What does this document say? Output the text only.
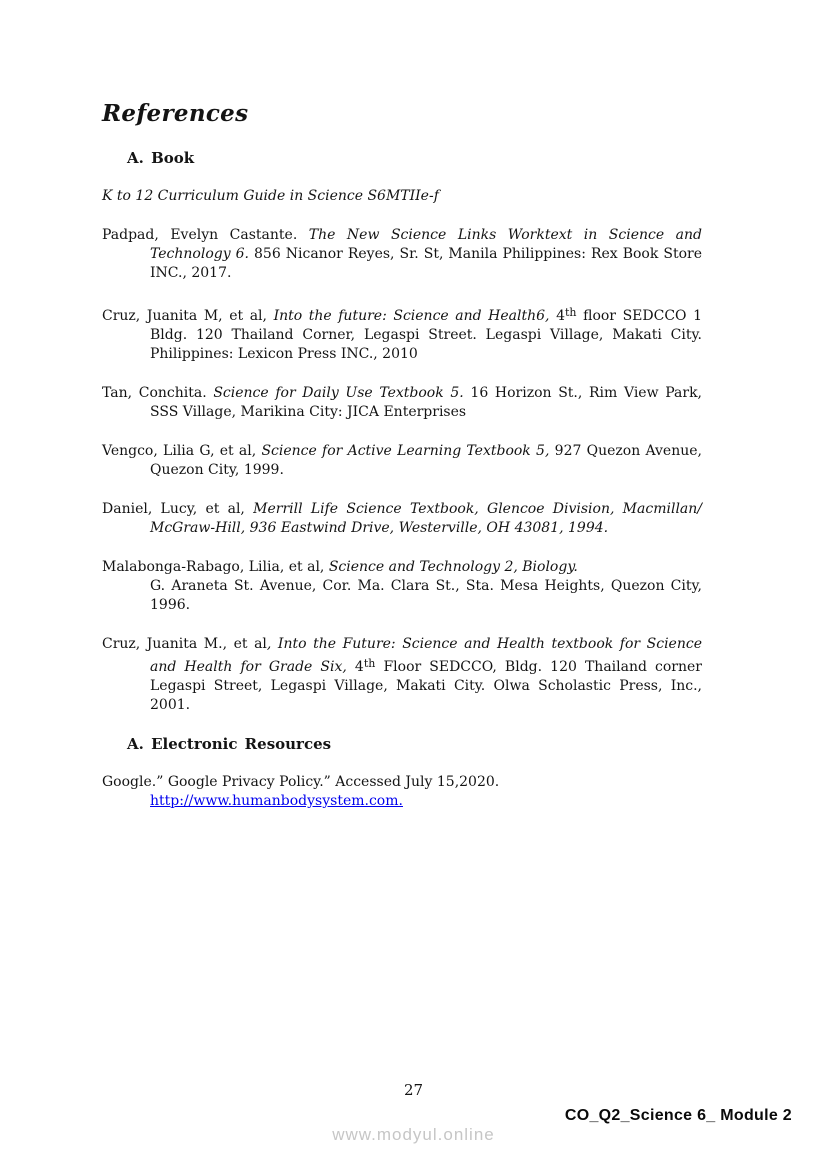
References
A. Book

K to 12 Curriculum Guide in Science S6MTIIe-f

Padpad, Evelyn Castante. The New Science Links Worktext in Science and Technology 6. 856 Nicanor Reyes, Sr. St, Manila Philippines: Rex Book Store INC., 2017.

Cruz, Juanita M, et al, Into the future: Science and Health6, 4th floor SEDCCO 1 Bldg. 120 Thailand Corner, Legaspi Street. Legaspi Village, Makati City. Philippines: Lexicon Press INC., 2010

Tan, Conchita. Science for Daily Use Textbook 5. 16 Horizon St., Rim View Park, SSS Village, Marikina City: JICA Enterprises

Vengco, Lilia G, et al, Science for Active Learning Textbook 5, 927 Quezon Avenue, Quezon City, 1999.

Daniel, Lucy, et al, Merrill Life Science Textbook, Glencoe Division, Macmillan/ McGraw-Hill, 936 Eastwind Drive, Westerville, OH 43081, 1994.

Malabonga-Rabago, Lilia, et al, Science and Technology 2, Biology.
G. Araneta St. Avenue, Cor. Ma. Clara St., Sta. Mesa Heights, Quezon City, 1996.

Cruz, Juanita M., et al, Into the Future: Science and Health textbook for Science and Health for Grade Six, 4th Floor SEDCCO, Bldg. 120 Thailand corner Legaspi Street, Legaspi Village, Makati City. Olwa Scholastic Press, Inc., 2001.

A. Electronic Resources

Google.” Google Privacy Policy.” Accessed July 15,2020.
http://www.humanbodysystem.com.

27
CO_Q2_Science 6_ Module 2
www.modyul.online
